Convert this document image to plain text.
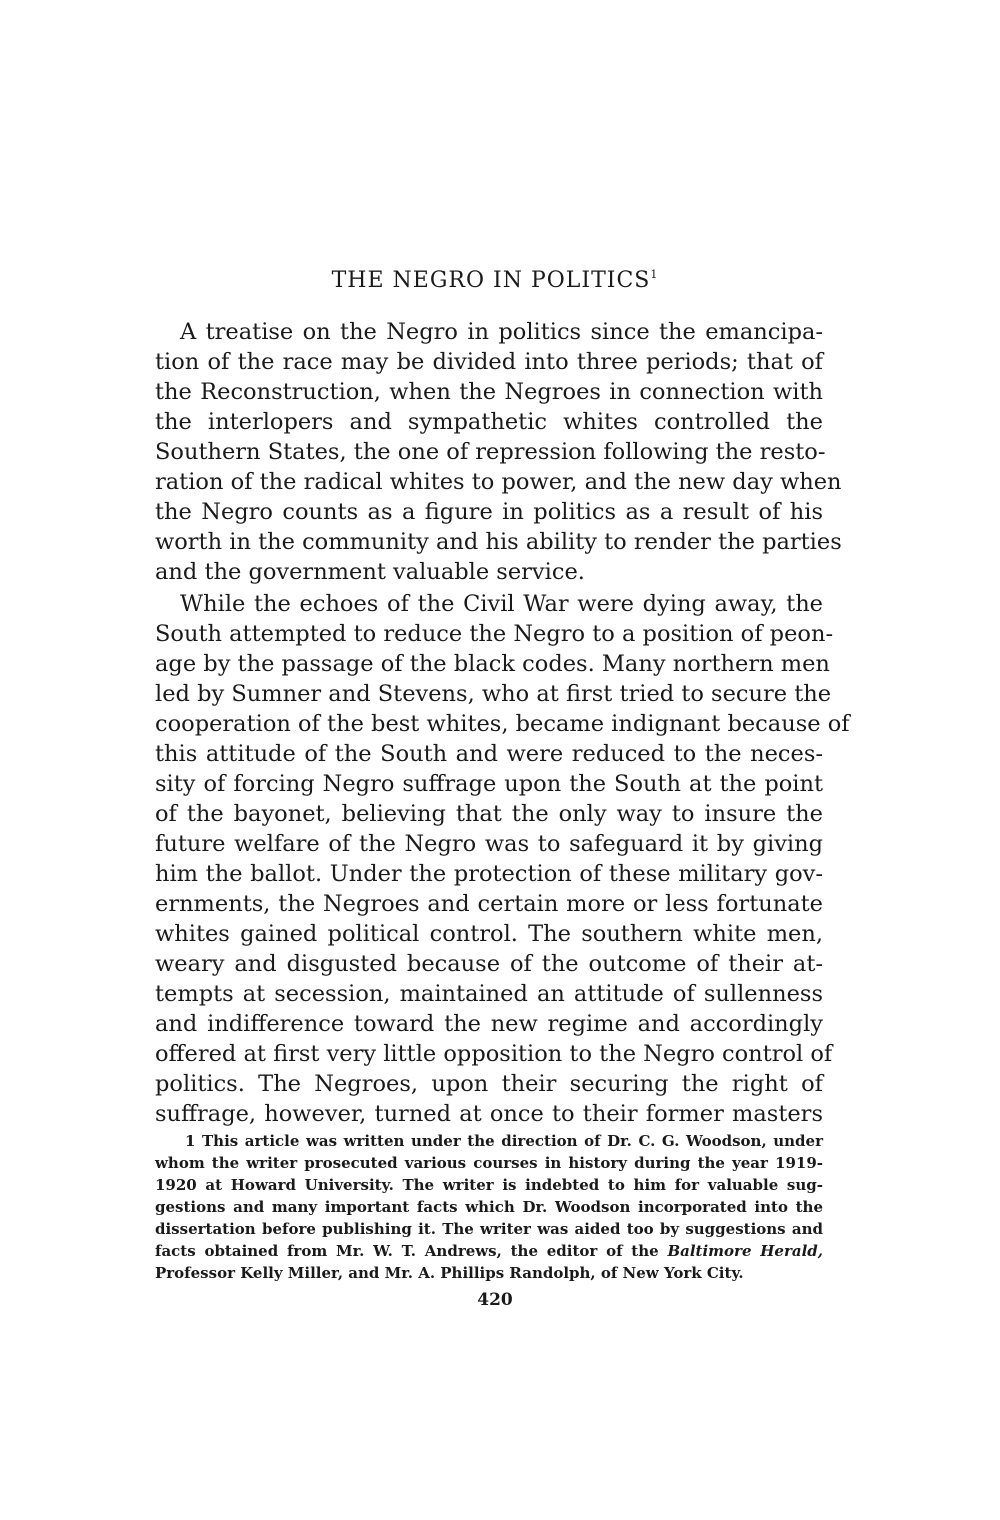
THE NEGRO IN POLITICS$^1$
A treatise on the Negro in politics since the emancipa-
tion of the race may be divided into three periods; that of
the Reconstruction, when the Negroes in connection with
the interlopers and sympathetic whites controlled the
Southern States, the one of repression following the resto-
ration of the radical whites to power, and the new day when
the Negro counts as a figure in politics as a result of his
worth in the community and his ability to render the parties
and the government valuable service.
While the echoes of the Civil War were dying away, the
South attempted to reduce the Negro to a position of peon-
age by the passage of the black codes. Many northern men
led by Sumner and Stevens, who at first tried to secure the
cooperation of the best whites, became indignant because of
this attitude of the South and were reduced to the neces-
sity of forcing Negro suffrage upon the South at the point
of the bayonet, believing that the only way to insure the
future welfare of the Negro was to safeguard it by giving
him the ballot. Under the protection of these military gov-
ernments, the Negroes and certain more or less fortunate
whites gained political control. The southern white men,
weary and disgusted because of the outcome of their at-
tempts at secession, maintained an attitude of sullenness
and indifference toward the new regime and accordingly
offered at first very little opposition to the Negro control of
politics. The Negroes, upon their securing the right of
suffrage, however, turned at once to their former masters
1 This article was written under the direction of Dr. C. G. Woodson, under
whom the writer prosecuted various courses in history during the year 1919-
1920 at Howard University. The writer is indebted to him for valuable sug-
gestions and many important facts which Dr. Woodson incorporated into the
dissertation before publishing it. The writer was aided too by suggestions and
facts obtained from Mr. W. T. Andrews, the editor of the Baltimore Herald,
Professor Kelly Miller, and Mr. A. Phillips Randolph, of New York City.
420
